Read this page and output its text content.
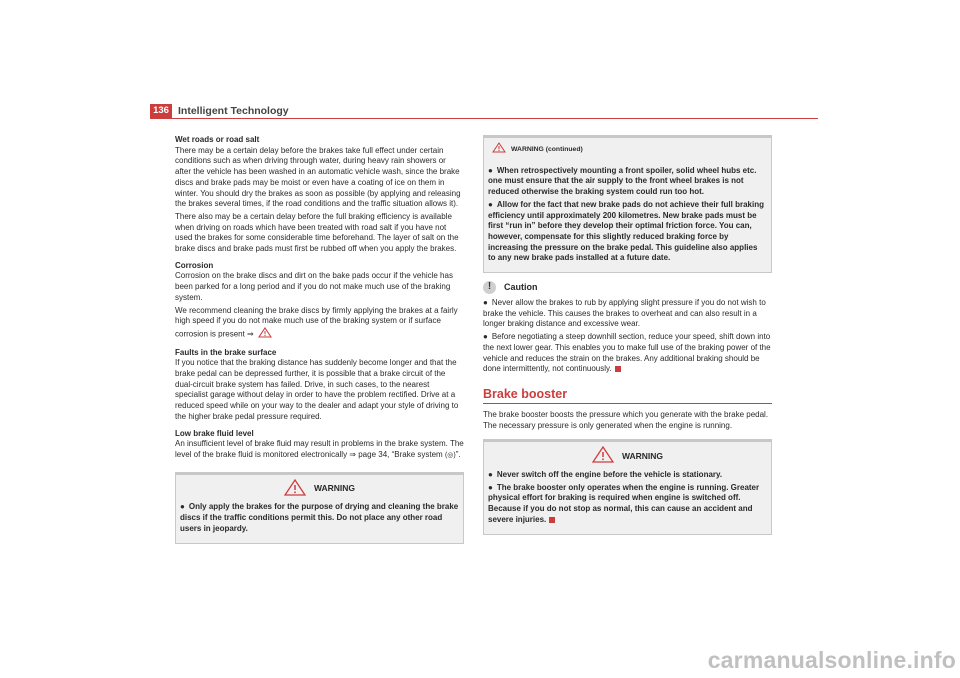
136 Intelligent Technology
Wet roads or road salt

There may be a certain delay before the brakes take full effect under certain conditions such as when driving through water, during heavy rain showers or after the vehicle has been washed in an automatic vehicle wash, since the brake discs and brake pads may be moist or even have a coating of ice on them in winter. You should dry the brakes as soon as possible (by applying and releasing the brakes several times, if the road conditions and the traffic situation allows it).

There also may be a certain delay before the full braking efficiency is available when driving on roads which have been treated with road salt if you have not used the brakes for some considerable time beforehand. The layer of salt on the brake discs and brake pads must first be rubbed off when you apply the brakes.

Corrosion

Corrosion on the brake discs and dirt on the bake pads occur if the vehicle has been parked for a long period and if you do not make much use of the braking system.

We recommend cleaning the brake discs by firmly applying the brakes at a fairly high speed if you do not make much use of the braking system or if surface corrosion is present ⇒

Faults in the brake surface

If you notice that the braking distance has suddenly become longer and that the brake pedal can be depressed further, it is possible that a brake circuit of the dual-circuit brake system has failed. Drive, in such cases, to the nearest specialist garage without delay in order to have the problem rectified. Drive at a reduced speed while on your way to the dealer and adapt your style of driving to the higher brake pedal pressure required.

Low brake fluid level

An insufficient level of brake fluid may result in problems in the brake system. The level of the brake fluid is monitored electronically ⇒ page 34, “Brake system (◎)”.

WARNING
● Only apply the brakes for the purpose of drying and cleaning the brake discs if the traffic conditions permit this. Do not place any other road users in jeopardy.
WARNING (continued)
● When retrospectively mounting a front spoiler, solid wheel hubs etc. one must ensure that the air supply to the front wheel brakes is not reduced otherwise the braking system could run too hot.
● Allow for the fact that new brake pads do not achieve their full braking efficiency until approximately 200 kilometres. New brake pads must be first “run in” before they develop their optimal friction force. You can, however, compensate for this slightly reduced braking force by increasing the pressure on the brake pedal. This guideline also applies to any new brake pads installed at a future date.
!	Caution
● Never allow the brakes to rub by applying slight pressure if you do not wish to brake the vehicle. This causes the brakes to overheat and can also result in a longer braking distance and excessive wear.
● Before negotiating a steep downhill section, reduce your speed, shift down into the next lower gear. This enables you to make full use of the braking power of the vehicle and reduces the strain on the brakes. Any additional braking should be done intermittently, not continuously.
Brake booster

The brake booster boosts the pressure which you generate with the brake pedal. The necessary pressure is only generated when the engine is running.

WARNING
● Never switch off the engine before the vehicle is stationary.
● The brake booster only operates when the engine is running. Greater physical effort for braking is required when engine is switched off. Because if you do not stop as normal, this can cause an accident and severe injuries.
carmanualsonline.info
